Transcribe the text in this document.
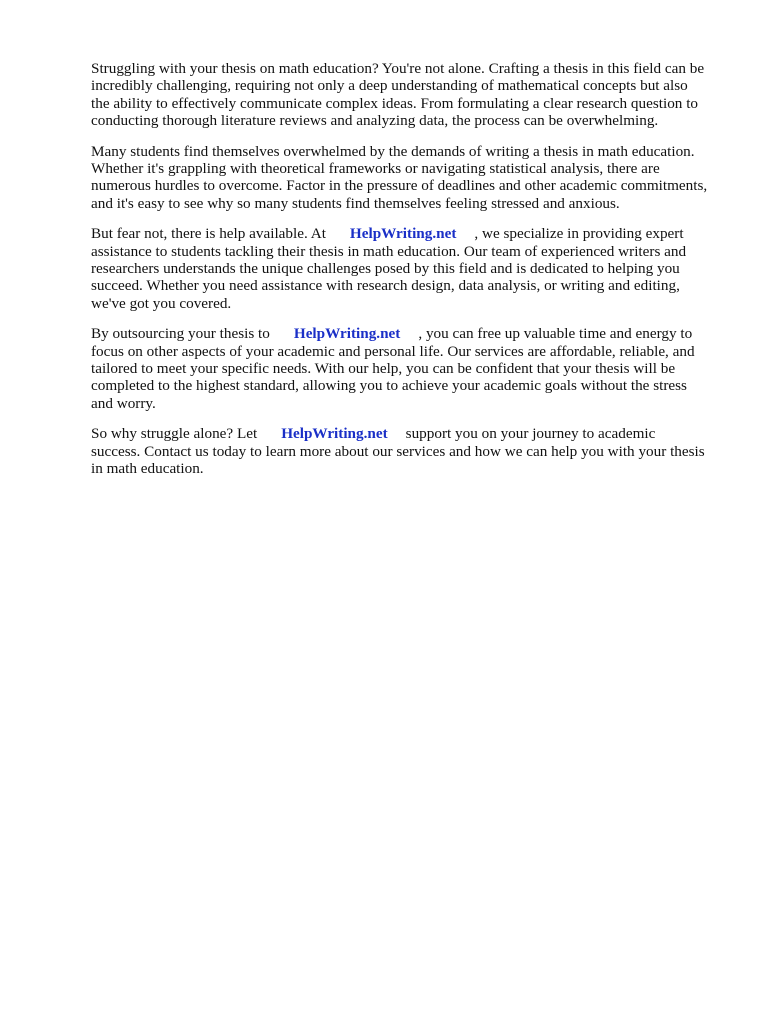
Struggling with your thesis on math education? You're not alone. Crafting a thesis in this field can be
incredibly challenging, requiring not only a deep understanding of mathematical concepts but also
the ability to effectively communicate complex ideas. From formulating a clear research question to
conducting thorough literature reviews and analyzing data, the process can be overwhelming.

Many students find themselves overwhelmed by the demands of writing a thesis in math education.
Whether it's grappling with theoretical frameworks or navigating statistical analysis, there are
numerous hurdles to overcome. Factor in the pressure of deadlines and other academic commitments,
and it's easy to see why so many students find themselves feeling stressed and anxious.

But fear not, there is help available. At HelpWriting.net , we specialize in providing expert
assistance to students tackling their thesis in math education. Our team of experienced writers and
researchers understands the unique challenges posed by this field and is dedicated to helping you
succeed. Whether you need assistance with research design, data analysis, or writing and editing,
we've got you covered.

By outsourcing your thesis to HelpWriting.net , you can free up valuable time and energy to
focus on other aspects of your academic and personal life. Our services are affordable, reliable, and
tailored to meet your specific needs. With our help, you can be confident that your thesis will be
completed to the highest standard, allowing you to achieve your academic goals without the stress
and worry.

So why struggle alone? Let HelpWriting.net support you on your journey to academic
success. Contact us today to learn more about our services and how we can help you with your thesis
in math education.
